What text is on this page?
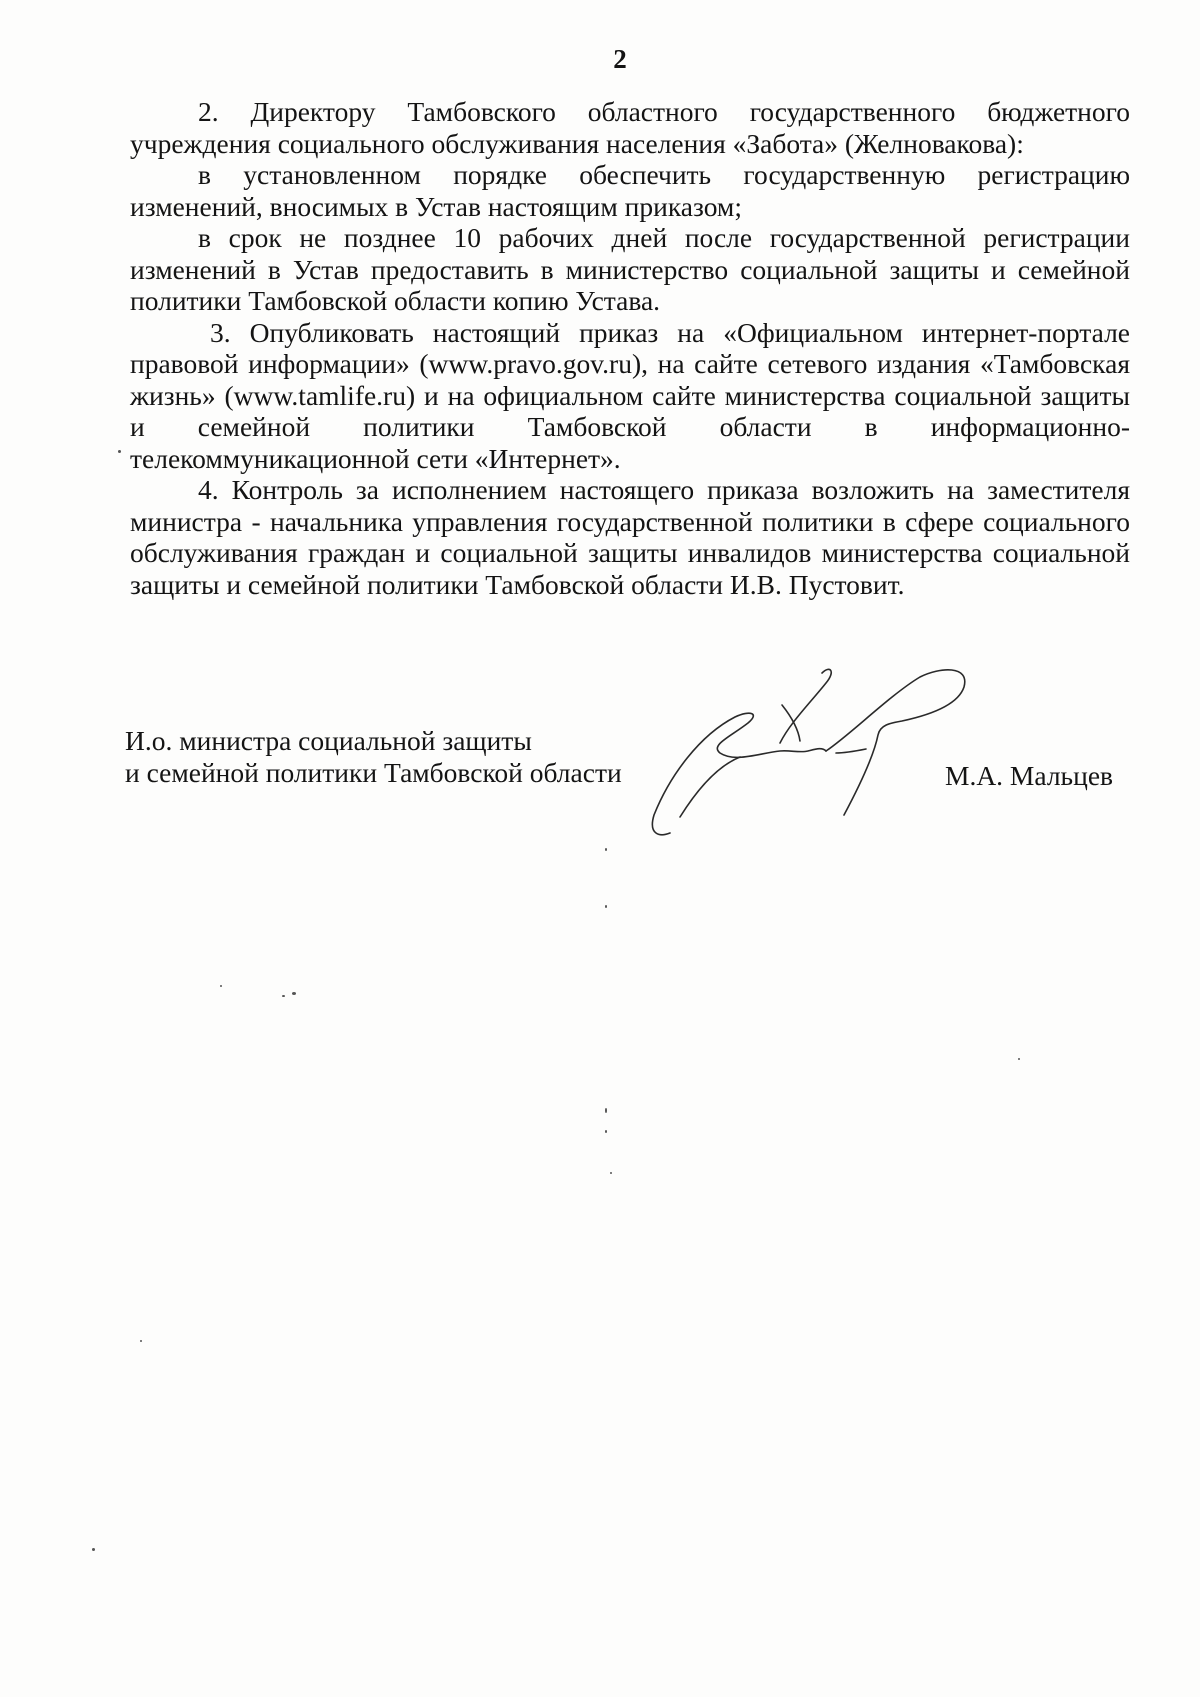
2

2. Директору Тамбовского областного государственного бюджетного учреждения социального обслуживания населения «Забота» (Желновакова):

в установленном порядке обеспечить государственную регистрацию изменений, вносимых в Устав настоящим приказом;

в срок не позднее 10 рабочих дней после государственной регистрации изменений в Устав предоставить в министерство социальной защиты и семейной политики Тамбовской области копию Устава.

3. Опубликовать настоящий приказ на «Официальном интернет-портале правовой информации» (www.pravo.gov.ru), на сайте сетевого издания «Тамбовская жизнь» (www.tamlife.ru) и на официальном сайте министерства социальной защиты и семейной политики Тамбовской области в информационно-телекоммуникационной сети «Интернет».

4. Контроль за исполнением настоящего приказа возложить на заместителя министра - начальника управления государственной политики в сфере социального обслуживания граждан и социальной защиты инвалидов министерства социальной защиты и семейной политики Тамбовской области И.В. Пустовит.

И.о. министра социальной защиты
и семейной политики Тамбовской области	М.А. Мальцев
